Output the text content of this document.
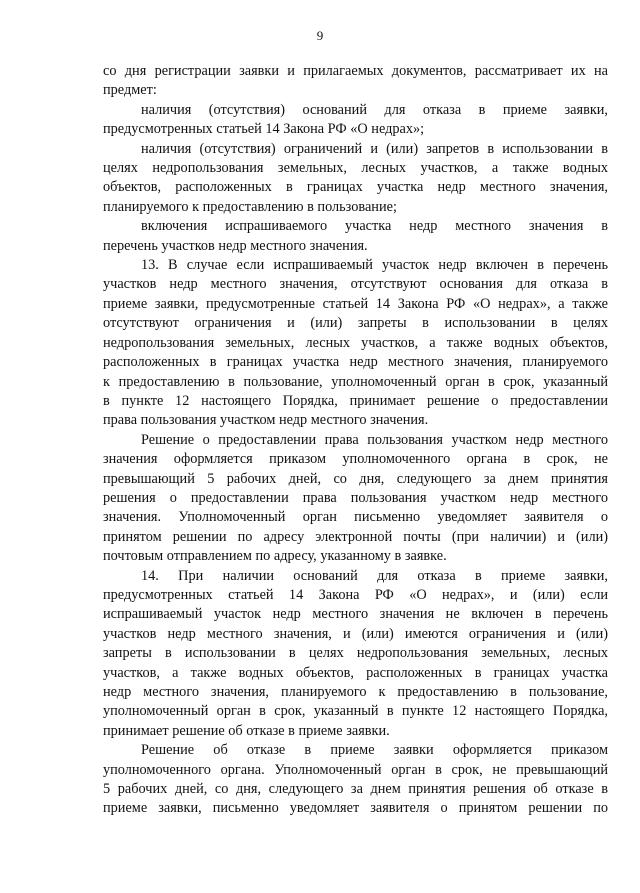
9
со дня регистрации заявки и прилагаемых документов, рассматривает их на
предмет:
наличия (отсутствия) оснований для отказа в приеме заявки,
предусмотренных статьей 14 Закона РФ «О недрах»;
наличия (отсутствия) ограничений и (или) запретов в использовании в
целях недропользования земельных, лесных участков, а также водных
объектов, расположенных в границах участка недр местного значения,
планируемого к предоставлению в пользование;
включения испрашиваемого участка недр местного значения в
перечень участков недр местного значения.
13. В случае если испрашиваемый участок недр включен в перечень
участков недр местного значения, отсутствуют основания для отказа в
приеме заявки, предусмотренные статьей 14 Закона РФ «О недрах», а также
отсутствуют ограничения и (или) запреты в использовании в целях
недропользования земельных, лесных участков, а также водных объектов,
расположенных в границах участка недр местного значения, планируемого
к предоставлению в пользование, уполномоченный орган в срок, указанный
в пункте 12 настоящего Порядка, принимает решение о предоставлении
права пользования участком недр местного значения.
Решение о предоставлении права пользования участком недр местного
значения оформляется приказом уполномоченного органа в срок, не
превышающий 5 рабочих дней, со дня, следующего за днем принятия
решения о предоставлении права пользования участком недр местного
значения. Уполномоченный орган письменно уведомляет заявителя о
принятом решении по адресу электронной почты (при наличии) и (или)
почтовым отправлением по адресу, указанному в заявке.
14. При наличии оснований для отказа в приеме заявки,
предусмотренных статьей 14 Закона РФ «О недрах», и (или) если
испрашиваемый участок недр местного значения не включен в перечень
участков недр местного значения, и (или) имеются ограничения и (или)
запреты в использовании в целях недропользования земельных, лесных
участков, а также водных объектов, расположенных в границах участка
недр местного значения, планируемого к предоставлению в пользование,
уполномоченный орган в срок, указанный в пункте 12 настоящего Порядка,
принимает решение об отказе в приеме заявки.
Решение об отказе в приеме заявки оформляется приказом
уполномоченного органа. Уполномоченный орган в срок, не превышающий
5 рабочих дней, со дня, следующего за днем принятия решения об отказе в
приеме заявки, письменно уведомляет заявителя о принятом решении по
